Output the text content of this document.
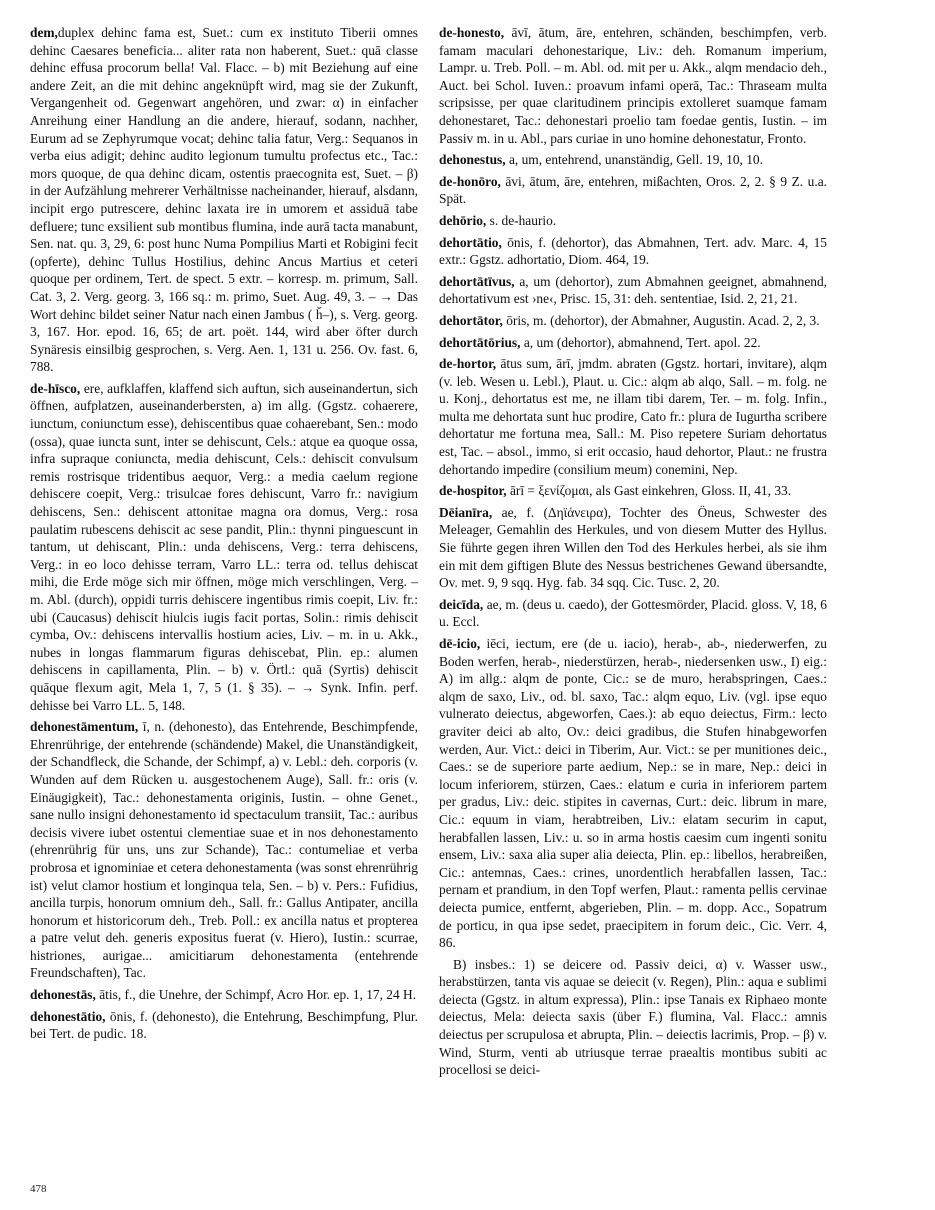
dem,duplex dehinc fama est, Suet.: cum ex instituto Tiberii omnes dehinc Caesares beneficia... aliter rata non haberent, Suet.: quā classe dehinc effusa procorum bella! Val. Flacc. – b) mit Beziehung auf eine andere Zeit, an die mit dehinc angeknüpft wird, mag sie der Zukunft, Vergangenheit od. Gegenwart angehören, und zwar: α) in einfacher Anreihung einer Handlung an die andere, hierauf, sodann, nachher, Eurum ad se Zephyrumque vocat; dehinc talia fatur, Verg.: Sequanos in verba eius adigit; dehinc audito legionum tumultu profectus etc., Tac.: mors quoque, de qua dehinc dicam, ostentis praecognita est, Suet. – β) in der Aufzählung mehrerer Verhältnisse nacheinander, hierauf, alsdann, incipit ergo putrescere, dehinc laxata ire in umorem et assiduā tabe defluere; tunc exsilient sub montibus flumina, inde aurā tacta manabunt, Sen. nat. qu. 3, 29, 6: post hunc Numa Pompilius Marti et Robigini fecit (opferte), dehinc Tullus Hostilius, dehinc Ancus Martius et ceteri quoque per ordinem, Tert. de spect. 5 extr. – korresp. m. primum, Sall. Cat. 3, 2. Verg. georg. 3, 166 sq.: m. primo, Suet. Aug. 49, 3. – → Das Wort dehinc bildet seiner Natur nach einen Jambus ( ȟ–), s. Verg. georg. 3, 167. Hor. epod. 16, 65; de art. poët. 144, wird aber öfter durch Synäresis einsilbig gesprochen, s. Verg. Aen. 1, 131 u. 256. Ov. fast. 6, 788.

de-hīsco, ere, aufklaffen, klaffend sich auftun, sich auseinandertun, sich öffnen, aufplatzen, auseinanderbersten, a) im allg. (Ggstz. cohaerere, iunctum, coniunctum esse), dehiscentibus quae cohaerebant, Sen.: modo (ossa), quae iuncta sunt, inter se dehiscunt, Cels.: atque ea quoque ossa, infra supraque coniuncta, media dehiscunt, Cels.: dehiscit convulsum remis rostrisque tridentibus aequor, Verg.: a media caelum regione dehiscere coepit, Verg.: trisulcae fores dehiscunt, Varro fr.: navigium dehiscens, Sen.: dehiscent attonitae magna ora domus, Verg.: rosa paulatim rubescens dehiscit ac sese pandit, Plin.: thynni pinguescunt in tantum, ut dehiscant, Plin.: unda dehiscens, Verg.: terra dehiscens, Verg.: in eo loco dehisse terram, Varro LL.: terra od. tellus dehiscat mihi, die Erde möge sich mir öffnen, möge mich verschlingen, Verg. – m. Abl. (durch), oppidi turris dehiscere ingentibus rimis coepit, Liv. fr.: ubi (Caucasus) dehiscit hiulcis iugis facit portas, Solin.: rimis dehiscit cymba, Ov.: dehiscens intervallis hostium acies, Liv. – m. in u. Akk., nubes in longas flammarum figuras dehiscebat, Plin. ep.: alumen dehiscens in capillamenta, Plin. – b) v. Örtl.: quā (Syrtis) dehiscit quāque flexum agit, Mela 1, 7, 5 (1. § 35). – → Synk. Infin. perf. dehisse bei Varro LL. 5, 148.

dehonestāmentum, ī, n. (dehonesto), das Entehrende, Beschimpfende, Ehrenrührige, der entehrende (schändende) Makel, die Unanständigkeit, der Schandfleck, die Schande, der Schimpf, a) v. Lebl.: deh. corporis (v. Wunden auf dem Rücken u. ausgestochenem Auge), Sall. fr.: oris (v. Einäugigkeit), Tac.: dehonestamenta originis, Iustin. – ohne Genet., sane nullo insigni dehonestamento id spectaculum transiit, Tac.: auribus decisis vivere iubet ostentui clementiae suae et in nos dehonestamento (ehrenrührig für uns, uns zur Schande), Tac.: contumeliae et verba probrosa et ignominiae et cetera dehonestamenta (was sonst ehrenrührig ist) velut clamor hostium et longinqua tela, Sen. – b) v. Pers.: Fufidius, ancilla turpis, honorum omnium deh., Sall. fr.: Gallus Antipater, ancilla honorum et historicorum deh., Treb. Poll.: ex ancilla natus et propterea a patre velut deh. generis expositus fuerat (v. Hiero), Iustin.: scurrae, histriones, aurigae... amicitiarum dehonestamenta (entehrende Freundschaften), Tac.

dehonestās, ātis, f., die Unehre, der Schimpf, Acro Hor. ep. 1, 17, 24 H.

dehonestātio, ōnis, f. (dehonesto), die Entehrung, Beschimpfung, Plur. bei Tert. de pudic. 18.

de-honesto, āvī, ātum, āre, entehren, schänden, beschimpfen, verb. famam maculari dehonestarique, Liv.: deh. Romanum imperium, Lampr. u. Treb. Poll. – m. Abl. od. mit per u. Akk., alqm mendacio deh., Auct. bei Schol. Iuven.: proavum infami operā, Tac.: Thraseam multa scripsisse, per quae claritudinem principis extolleret suamque famam dehonestaret, Tac.: dehonestari proelio tam foedae gentis, Iustin. – im Passiv m. in u. Abl., pars curiae in uno homine dehonestatur, Fronto.

dehonestus, a, um, entehrend, unanständig, Gell. 19, 10, 10.

de-honōro, āvi, ātum, āre, entehren, mißachten, Oros. 2, 2. § 9 Z. u.a. Spät.

dehōrio, s. de-haurio.

dehortātio, ōnis, f. (dehortor), das Abmahnen, Tert. adv. Marc. 4, 15 extr.: Ggstz. adhortatio, Diom. 464, 19.

dehortātīvus, a, um (dehortor), zum Abmahnen geeignet, abmahnend, dehortativum est ›ne‹, Prisc. 15, 31: deh. sententiae, Isid. 2, 21, 21.

dehortātor, ōris, m. (dehortor), der Abmahner, Augustin. Acad. 2, 2, 3.

dehortātōrius, a, um (dehortor), abmahnend, Tert. apol. 22.

de-hortor, ātus sum, ārī, jmdm. abraten (Ggstz. hortari, invitare), alqm (v. leb. Wesen u. Lebl.), Plaut. u. Cic.: alqm ab alqo, Sall. – m. folg. ne u. Konj., dehortatus est me, ne illam tibi darem, Ter. – m. folg. Infin., multa me dehortata sunt huc prodire, Cato fr.: plura de Iugurtha scribere dehortatur me fortuna mea, Sall.: M. Piso repetere Suriam dehortatus est, Tac. – absol., immo, si erit occasio, haud dehortor, Plaut.: ne frustra dehortando impedire (consilium meum) conemini, Nep.

de-hospitor, ārī = ξενίζομαι, als Gast einkehren, Gloss. II, 41, 33.

Dēianīra, ae, f. (Δηϊάνειρα), Tochter des Öneus, Schwester des Meleager, Gemahlin des Herkules, und von diesem Mutter des Hyllus. Sie führte gegen ihren Willen den Tod des Herkules herbei, als sie ihm ein mit dem giftigen Blute des Nessus bestrichenes Gewand übersandte, Ov. met. 9, 9 sqq. Hyg. fab. 34 sqq. Cic. Tusc. 2, 20.

deicīda, ae, m. (deus u. caedo), der Gottesmörder, Placid. gloss. V, 18, 6 u. Eccl.

dē-icio, iēci, iectum, ere (de u. iacio), herab-, ab-, niederwerfen, zu Boden werfen, herab-, niederstürzen, herab-, niedersenken usw., I) eig.: A) im allg.: alqm de ponte, Cic.: se de muro, herabspringen, Caes.: alqm de saxo, Liv., od. bl. saxo, Tac.: alqm equo, Liv. (vgl. ipse equo vulnerato deiectus, abgeworfen, Caes.): ab equo deiectus, Firm.: lecto graviter deici ab alto, Ov.: deici gradibus, die Stufen hinabgeworfen werden, Aur. Vict.: deici in Tiberim, Aur. Vict.: se per munitiones deic., Caes.: se de superiore parte aedium, Nep.: se in mare, Nep.: deici in locum inferiorem, stürzen, Caes.: elatum e curia in inferiorem partem per gradus, Liv.: deic. stipites in cavernas, Curt.: deic. librum in mare, Cic.: equum in viam, herabtreiben, Liv.: elatam securim in caput, herabfallen lassen, Liv.: u. so in arma hostis caesim cum ingenti sonitu ensem, Liv.: saxa alia super alia deiecta, Plin. ep.: libellos, herabreißen, Cic.: antemnas, Caes.: crines, unordentlich herabfallen lassen, Tac.: pernam et prandium, in den Topf werfen, Plaut.: ramenta pellis cervinae deiecta pumice, entfernt, abgerieben, Plin. – m. dopp. Acc., Sopatrum de porticu, in qua ipse sedet, praecipitem in forum deic., Cic. Verr. 4, 86.

B) insbes.: 1) se deicere od. Passiv deici, α) v. Wasser usw., herabstürzen, tanta vis aquae se deiecit (v. Regen), Plin.: aqua e sublimi deiecta (Ggstz. in altum expressa), Plin.: ipse Tanais ex Riphaeo monte deiectus, Mela: deiecta saxis (über F.) flumina, Val. Flacc.: amnis deiectus per scrupulosa et abrupta, Plin. – deiectis lacrimis, Prop. – β) v. Wind, Sturm, venti ab utriusque terrae praealtis montibus subiti ac procellosi se deici-

478
